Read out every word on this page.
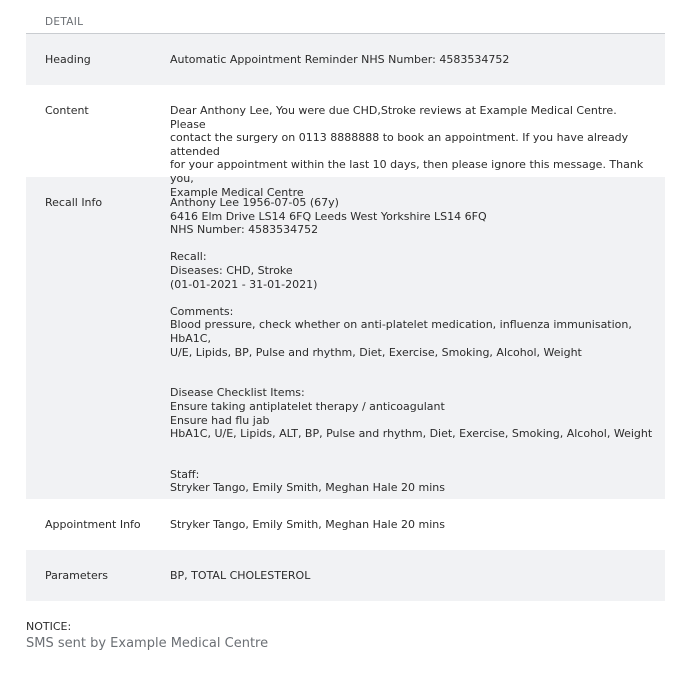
DETAIL
Heading	Automatic Appointment Reminder NHS Number: 4583534752
Content	Dear Anthony Lee, You were due CHD,Stroke reviews at Example Medical Centre. Please
contact the surgery on 0113 8888888 to book an appointment. If you have already attended
for your appointment within the last 10 days, then please ignore this message. Thank you,
Example Medical Centre
Recall Info	Anthony Lee 1956-07-05 (67y)
6416 Elm Drive LS14 6FQ Leeds West Yorkshire LS14 6FQ
NHS Number: 4583534752
Recall:
Diseases: CHD, Stroke
(01-01-2021 - 31-01-2021)
Comments:
Blood pressure, check whether on anti-platelet medication, influenza immunisation, HbA1C,
U/E, Lipids, BP, Pulse and rhythm, Diet, Exercise, Smoking, Alcohol, Weight
Disease Checklist Items:
Ensure taking antiplatelet therapy / anticoagulant
Ensure had flu jab
HbA1C, U/E, Lipids, ALT, BP, Pulse and rhythm, Diet, Exercise, Smoking, Alcohol, Weight
Staff:
Stryker Tango, Emily Smith, Meghan Hale 20 mins
Appointment Info	Stryker Tango, Emily Smith, Meghan Hale 20 mins
Parameters	BP, TOTAL CHOLESTEROL
NOTICE:
SMS sent by Example Medical Centre
